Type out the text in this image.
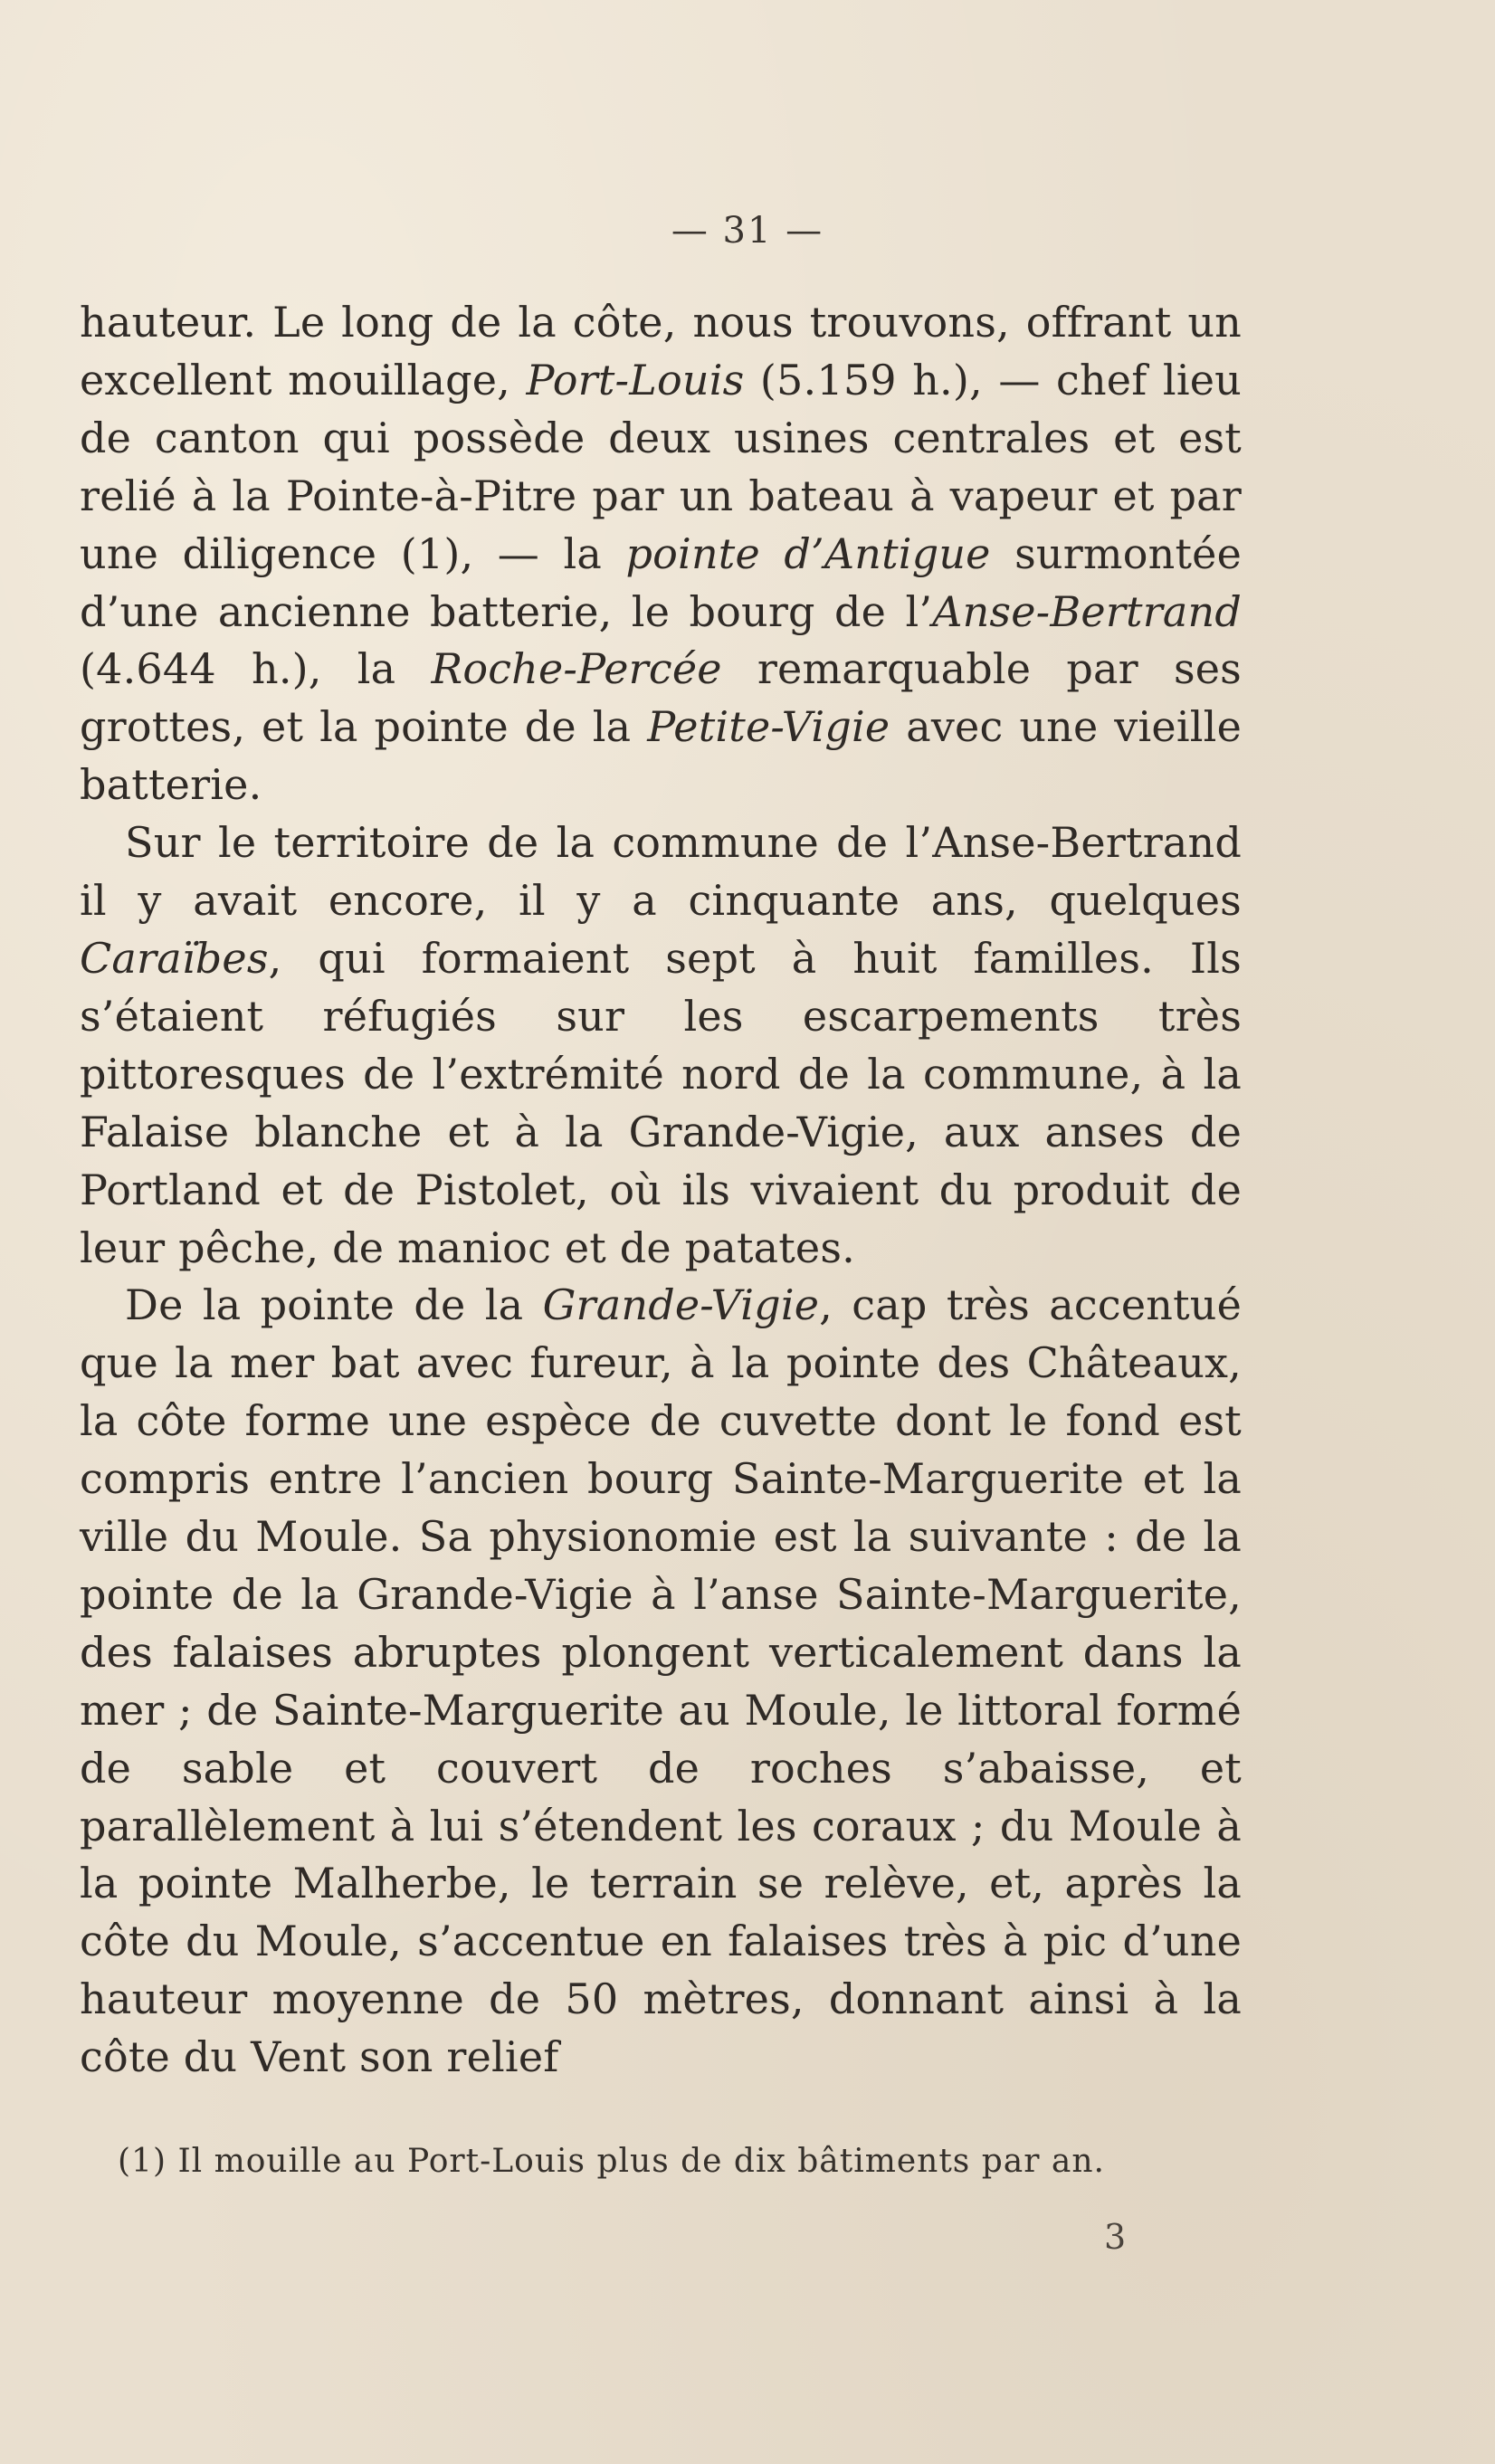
— 31 —

hauteur. Le long de la côte, nous trouvons, offrant un excellent mouillage, Port-Louis (5.159 h.), — chef lieu de canton qui possède deux usines centrales et est relié à la Pointe-à-Pitre par un bateau à vapeur et par une diligence (1), — la pointe d’Antigue surmontée d’une ancienne batterie, le bourg de l’Anse-Bertrand (4.644 h.), la Roche-Percée remarquable par ses grottes, et la pointe de la Petite-Vigie avec une vieille batterie.

Sur le territoire de la commune de l’Anse-Bertrand il y avait encore, il y a cinquante ans, quelques Caraïbes, qui formaient sept à huit familles. Ils s’étaient réfugiés sur les escarpements très pittoresques de l’extrémité nord de la commune, à la Falaise blanche et à la Grande-Vigie, aux anses de Portland et de Pistolet, où ils vivaient du produit de leur pêche, de manioc et de patates.

De la pointe de la Grande-Vigie, cap très accentué que la mer bat avec fureur, à la pointe des Châteaux, la côte forme une espèce de cuvette dont le fond est compris entre l’ancien bourg Sainte-Marguerite et la ville du Moule. Sa physionomie est la suivante : de la pointe de la Grande-Vigie à l’anse Sainte-Marguerite, des falaises abruptes plongent verticalement dans la mer ; de Sainte-Marguerite au Moule, le littoral formé de sable et couvert de roches s’abaisse, et parallèlement à lui s’étendent les coraux ; du Moule à la pointe Malherbe, le terrain se relève, et, après la côte du Moule, s’accentue en falaises très à pic d’une hauteur moyenne de 50 mètres, donnant ainsi à la côte du Vent son relief

(1) Il mouille au Port-Louis plus de dix bâtiments par an.
3
